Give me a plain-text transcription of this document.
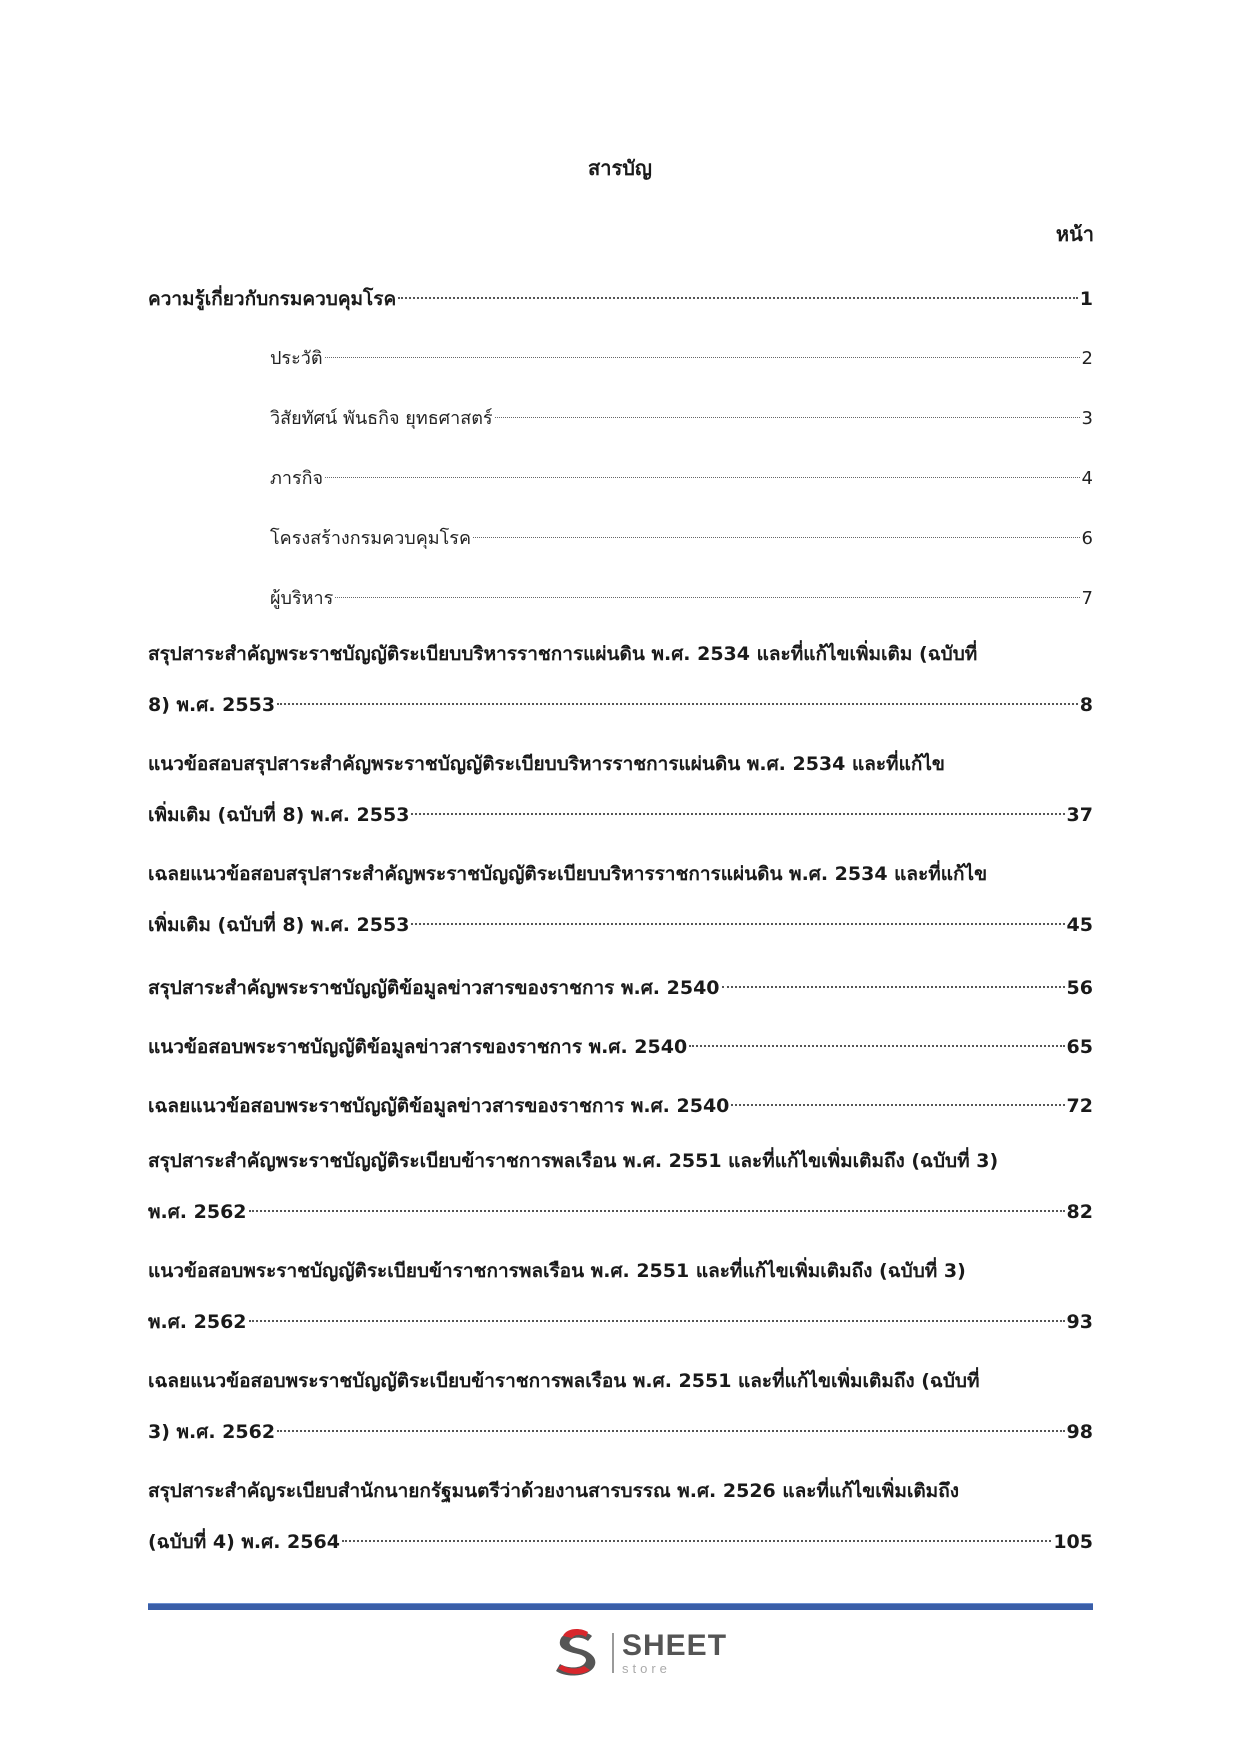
สารบัญ
หน้า
ความรู้เกี่ยวกับกรมควบคุมโรค	1
ประวัติ	2
วิสัยทัศน์ พันธกิจ ยุทธศาสตร์	3
ภารกิจ	4
โครงสร้างกรมควบคุมโรค	6
ผู้บริหาร	7
สรุปสาระสำคัญพระราชบัญญัติระเบียบบริหารราชการแผ่นดิน พ.ศ. 2534 และที่แก้ไขเพิ่มเติม (ฉบับที่
8) พ.ศ. 2553	8
แนวข้อสอบสรุปสาระสำคัญพระราชบัญญัติระเบียบบริหารราชการแผ่นดิน พ.ศ. 2534 และที่แก้ไข
เพิ่มเติม (ฉบับที่ 8) พ.ศ. 2553	37
เฉลยแนวข้อสอบสรุปสาระสำคัญพระราชบัญญัติระเบียบบริหารราชการแผ่นดิน พ.ศ. 2534 และที่แก้ไข
เพิ่มเติม (ฉบับที่ 8) พ.ศ. 2553	45
สรุปสาระสำคัญพระราชบัญญัติข้อมูลข่าวสารของราชการ พ.ศ. 2540	56
แนวข้อสอบพระราชบัญญัติข้อมูลข่าวสารของราชการ พ.ศ. 2540	65
เฉลยแนวข้อสอบพระราชบัญญัติข้อมูลข่าวสารของราชการ พ.ศ. 2540	72
สรุปสาระสำคัญพระราชบัญญัติระเบียบข้าราชการพลเรือน พ.ศ. 2551 และที่แก้ไขเพิ่มเติมถึง (ฉบับที่ 3)
พ.ศ. 2562	82
แนวข้อสอบพระราชบัญญัติระเบียบข้าราชการพลเรือน พ.ศ. 2551 และที่แก้ไขเพิ่มเติมถึง (ฉบับที่ 3)
พ.ศ. 2562	93
เฉลยแนวข้อสอบพระราชบัญญัติระเบียบข้าราชการพลเรือน พ.ศ. 2551 และที่แก้ไขเพิ่มเติมถึง (ฉบับที่
3) พ.ศ. 2562	98
สรุปสาระสำคัญระเบียบสำนักนายกรัฐมนตรีว่าด้วยงานสารบรรณ พ.ศ. 2526 และที่แก้ไขเพิ่มเติมถึง
(ฉบับที่ 4) พ.ศ. 2564	105
SHEET
store
